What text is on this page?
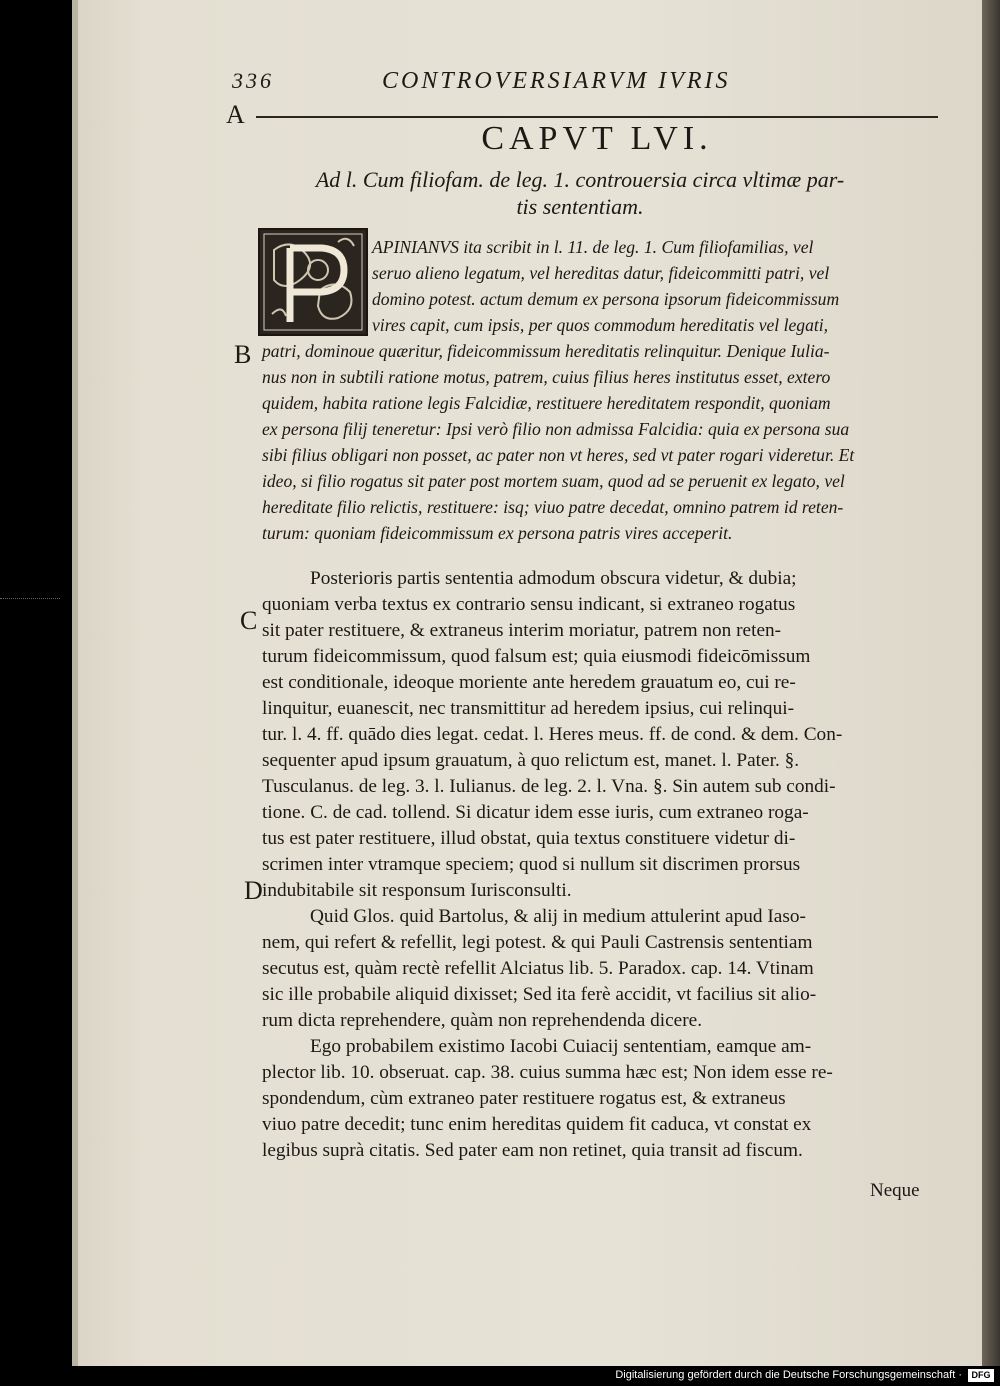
336	CONTROVERSIARVM IVRIS
A
B
C
D
CAPVT LVI.
Ad l. Cum filiofam. de leg. 1. controuersia circa vltimæ par-
tis sententiam.
APINIANVS ita scribit in l. 11. de leg. 1. Cum filiofamilias, vel
seruo alieno legatum, vel hereditas datur, fideicommitti patri, vel
domino potest. actum demum ex persona ipsorum fideicommissum
vires capit, cum ipsis, per quos commodum hereditatis vel legati,
patri, dominoue quæritur, fideicommissum hereditatis relinquitur. Denique Iulia-
nus non in subtili ratione motus, patrem, cuius filius heres institutus esset, extero
quidem, habita ratione legis Falcidiæ, restituere hereditatem respondit, quoniam
ex persona filij teneretur: Ipsi verò filio non admissa Falcidia: quia ex persona sua
sibi filius obligari non posset, ac pater non vt heres, sed vt pater rogari videretur. Et
ideo, si filio rogatus sit pater post mortem suam, quod ad se peruenit ex legato, vel
hereditate filio relictis, restituere: isq; viuo patre decedat, omnino patrem id reten-
turum: quoniam fideicommissum ex persona patris vires acceperit.
Posterioris partis sententia admodum obscura videtur, & dubia;
quoniam verba textus ex contrario sensu indicant, si extraneo rogatus
sit pater restituere, & extraneus interim moriatur, patrem non reten-
turum fideicommissum, quod falsum est; quia eiusmodi fideicōmissum
est conditionale, ideoque moriente ante heredem grauatum eo, cui re-
linquitur, euanescit, nec transmittitur ad heredem ipsius, cui relinqui-
tur. l. 4. ff. quādo dies legat. cedat. l. Heres meus. ff. de cond. & dem. Con-
sequenter apud ipsum grauatum, à quo relictum est, manet. l. Pater. §.
Tusculanus. de leg. 3. l. Iulianus. de leg. 2. l. Vna. §. Sin autem sub condi-
tione. C. de cad. tollend. Si dicatur idem esse iuris, cum extraneo roga-
tus est pater restituere, illud obstat, quia textus constituere videtur di-
scrimen inter vtramque speciem; quod si nullum sit discrimen prorsus
indubitabile sit responsum Iurisconsulti.
Quid Glos. quid Bartolus, & alij in medium attulerint apud Iaso-
nem, qui refert & refellit, legi potest. & qui Pauli Castrensis sententiam
secutus est, quàm rectè refellit Alciatus lib. 5. Paradox. cap. 14. Vtinam
sic ille probabile aliquid dixisset; Sed ita ferè accidit, vt facilius sit alio-
rum dicta reprehendere, quàm non reprehendenda dicere.
Ego probabilem existimo Iacobi Cuiacij sententiam, eamque am-
plector lib. 10. obseruat. cap. 38. cuius summa hæc est; Non idem esse re-
spondendum, cùm extraneo pater restituere rogatus est, & extraneus
viuo patre decedit; tunc enim hereditas quidem fit caduca, vt constat ex
legibus suprà citatis. Sed pater eam non retinet, quia transit ad fiscum.
Neque
Digitalisierung gefördert durch die Deutsche Forschungsgemeinschaft ·	DFG
